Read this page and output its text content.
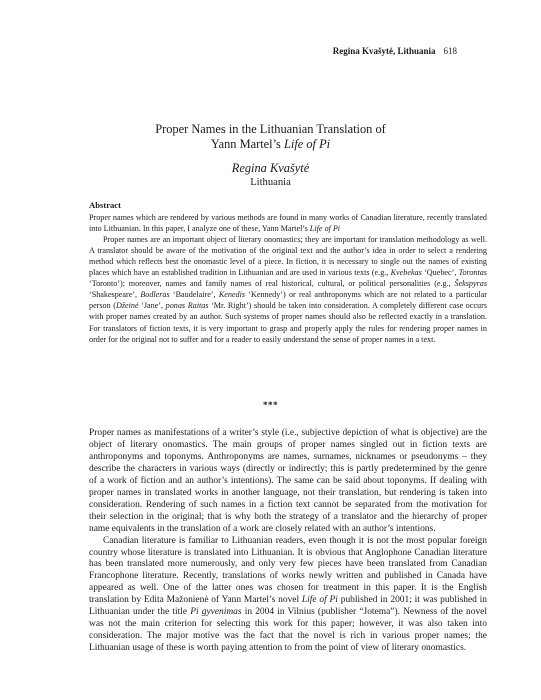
Regina Kvašytė, Lithuania 618
Proper Names in the Lithuanian Translation of
Yann Martel’s Life of Pi
Regina Kvašytė
Lithuania
Abstract

Proper names which are rendered by various methods are found in many works of Canadian literature, recently translated into Lithuanian. In this paper, I analyze one of these, Yann Martel’s Life of Pi

Proper names are an important object of literary onomastics; they are important for translation methodology as well. A translator should be aware of the motivation of the original text and the author’s idea in order to select a rendering method which reflects best the onomastic level of a piece. In fiction, it is necessary to single out the names of existing places which have an established tradition in Lithuanian and are used in various texts (e.g., Kvebekas ‘Quebec’, Torontas ‘Toronto’); moreover, names and family names of real historical, cultural, or political personalities (e.g., Šekspyras ‘Shakespeare’, Bodleras ‘Baudelaire’, Kenedis ‘Kennedy’) or real anthroponyms which are not related to a particular person (Džeinė ‘Jane’, ponas Raitas ‘Mr. Right’) should be taken into consideration. A completely different case occurs with proper names created by an author. Such systems of proper names should also be reflected exactly in a translation. For translators of fiction texts, it is very important to grasp and properly apply the rules for rendering proper names in order for the original not to suffer and for a reader to easily understand the sense of proper names in a text.

***

Proper names as manifestations of a writer’s style (i.e., subjective depiction of what is objective) are the object of literary onomastics. The main groups of proper names singled out in fiction texts are anthroponyms and toponyms. Anthroponyms are names, surnames, nicknames or pseudonyms – they describe the characters in various ways (directly or indirectly; this is partly predetermined by the genre of a work of fiction and an author’s intentions). The same can be said about toponyms. If dealing with proper names in translated works in another language, not their translation, but rendering is taken into consideration. Rendering of such names in a fiction text cannot be separated from the motivation for their selection in the original; that is why both the strategy of a translator and the hierarchy of proper name equivalents in the translation of a work are closely related with an author’s intentions.

Canadian literature is familiar to Lithuanian readers, even though it is not the most popular foreign country whose literature is translated into Lithuanian. It is obvious that Anglophone Canadian literature has been translated more numerously, and only very few pieces have been translated from Canadian Francophone literature. Recently, translations of works newly written and published in Canada have appeared as well. One of the latter ones was chosen for treatment in this paper. It is the English translation by Edita Mažonienė of Yann Martel’s novel Life of Pi published in 2001; it was published in Lithuanian under the title Pi gyvenimas in 2004 in Vilnius (publisher “Jotema”). Newness of the novel was not the main criterion for selecting this work for this paper; however, it was also taken into consideration. The major motive was the fact that the novel is rich in various proper names; the Lithuanian usage of these is worth paying attention to from the point of view of literary onomastics.
